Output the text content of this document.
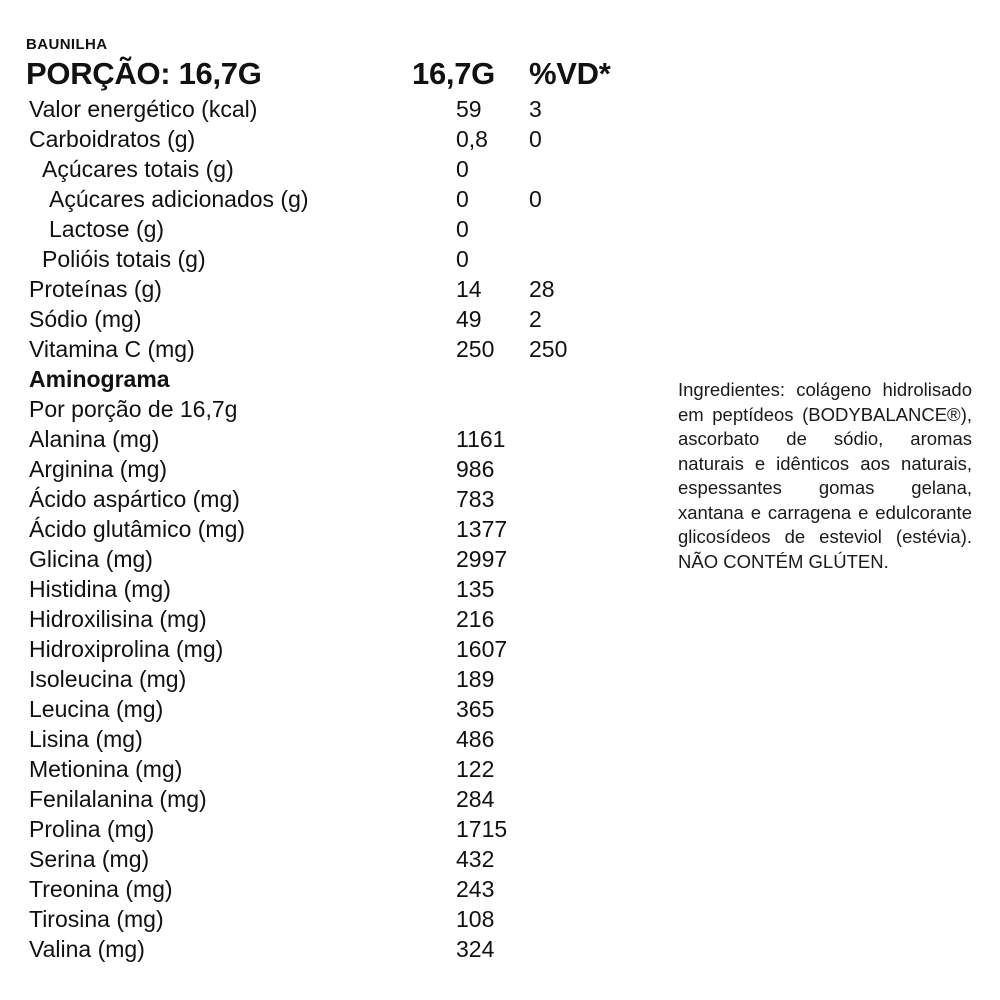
BAUNILHA
PORÇÃO: 16,7G	16,7G %VD*
Valor energético (kcal)	59 3
Carboidratos (g)	0,8 0
Açúcares totais (g)	0
Açúcares adicionados (g)	0	0
Lactose (g)	0
Polióis totais (g)	0
Proteínas (g)	14 28
Sódio (mg)	49 2
Vitamina C (mg)	250 250
Aminograma
Por porção de 16,7g
Alanina (mg)	1161
Arginina (mg)	986
Ácido aspártico (mg)	783
Ácido glutâmico (mg)	1377
Glicina (mg)	2997
Histidina (mg)	135
Hidroxilisina (mg)	216
Hidroxiprolina (mg)	1607
Isoleucina (mg)	189
Leucina (mg)	365
Lisina (mg)	486
Metionina (mg)	122
Fenilalanina (mg)	284
Prolina (mg)	1715
Serina (mg)	432
Treonina (mg)	243
Tirosina (mg)	108
Valina (mg)	324
Ingredientes: colágeno hidrolisado em peptídeos (BODYBALANCE®), ascorbato de sódio, aromas naturais e idênticos aos naturais, espessantes gomas gelana, xantana e carragena e edulcorante glicosídeos de esteviol (estévia). NÃO CONTÉM GLÚTEN.
